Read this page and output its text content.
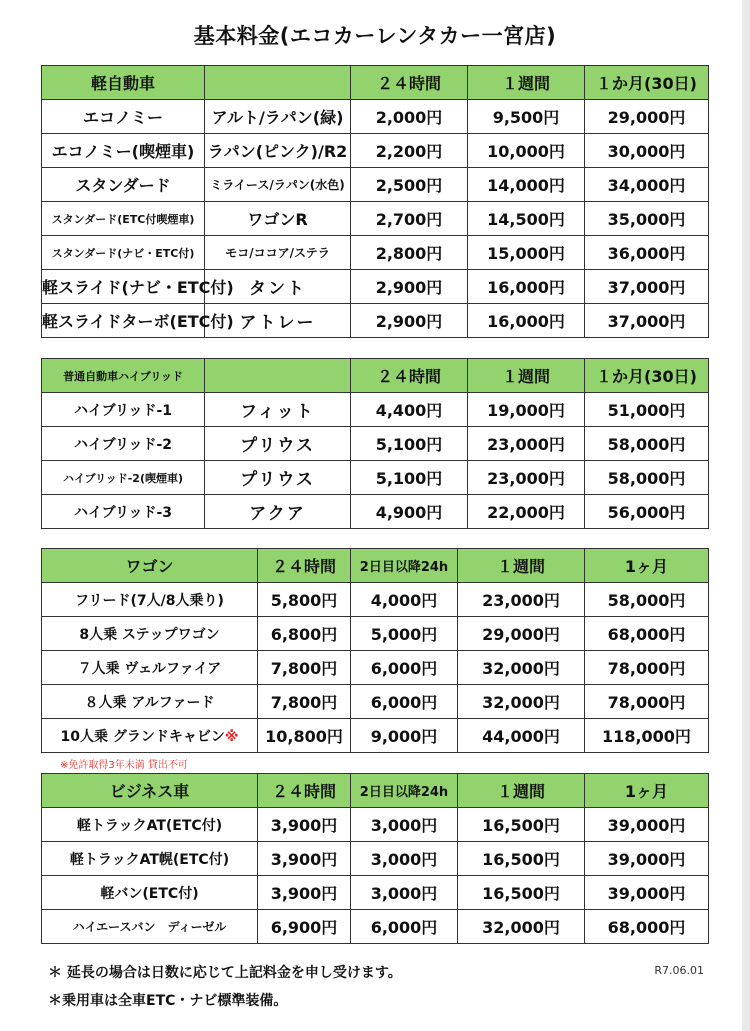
基本料金(エコカーレンタカー一宮店)
軽自動車		２４時間	１週間	１か月(30日)
エコノミー	アルト/ラパン(緑)	2,000円	9,500円	29,000円
エコノミー(喫煙車)	ラパン(ピンク)/R2	2,200円	10,000円	30,000円
スタンダード	ミライース/ラパン(水色)	2,500円	14,000円	34,000円
スタンダード(ETC付喫煙車)	ワゴンR	2,700円	14,500円	35,000円
スタンダード(ナビ・ETC付)	モコ/ココア/ステラ	2,800円	15,000円	36,000円
軽スライド(ナビ・ETC付)	タント	2,900円	16,000円	37,000円
軽スライドターボ(ETC付)	アトレー	2,900円	16,000円	37,000円
普通自動車ハイブリッド		２４時間	１週間	１か月(30日)
ハイブリッド-1	フィット	4,400円	19,000円	51,000円
ハイブリッド-2	プリウス	5,100円	23,000円	58,000円
ハイブリッド-2(喫煙車)	プリウス	5,100円	23,000円	58,000円
ハイブリッド-3	アクア	4,900円	22,000円	56,000円
ワゴン	２４時間	2日目以降24h	１週間	1ヶ月
フリード(7人/8人乗り)	5,800円	4,000円	23,000円	58,000円
8人乗 ステップワゴン	6,800円	5,000円	29,000円	68,000円
７人乗 ヴェルファイア	7,800円	6,000円	32,000円	78,000円
８人乗 アルファード	7,800円	6,000円	32,000円	78,000円
10人乗 グランドキャビン※	10,800円	9,000円	44,000円	118,000円
※免許取得3年未満 貸出不可
ビジネス車	２４時間	2日目以降24h	１週間	1ヶ月
軽トラックAT(ETC付)	3,900円	3,000円	16,500円	39,000円
軽トラックAT幌(ETC付)	3,900円	3,000円	16,500円	39,000円
軽バン(ETC付)	3,900円	3,000円	16,500円	39,000円
ハイエースバン　ディーゼル	6,900円	6,000円	32,000円	68,000円
＊ 延長の場合は日数に応じて上記料金を申し受けます。
＊乗用車は全車ETC・ナビ標準装備。
R7.06.01
